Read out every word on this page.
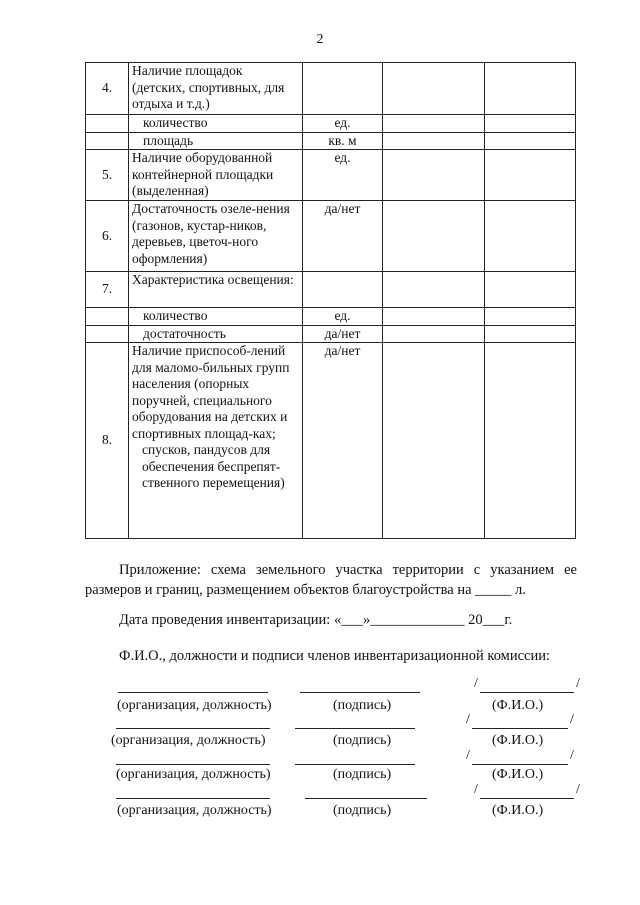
2
4.	Наличие площадок (детских, спортивных, для отдыха и т.д.)			
	количество	ед.		
	площадь	кв. м		
5.	Наличие оборудованной контейнерной площадки (выделенная)	ед.		
6.	Достаточность озеле-нения (газонов, кустар-ников, деревьев, цветоч-ного оформления)	да/нет		
7.	Характеристика освещения:			
	количество	ед.		
	достаточность	да/нет		
8.	Наличие приспособ-лений для маломо-бильных групп населения (опорных поручней, специального оборудования на детских и спортивных площад-ках;
спусков, пандусов для обеспечения беспрепят-ственного перемещения)	да/нет		
Приложение: схема земельного участка территории с указанием ее размеров и границ, размещением объектов благоустройства на _____ л.
Дата проведения инвентаризации: «___»_____________ 20___г.
Ф.И.О., должности и подписи членов инвентаризационной комиссии:
/	/
(организация, должность)	(подпись)	(Ф.И.О.)
/	/
(организация, должность)	(подпись)	(Ф.И.О.)
/	/
(организация, должность)	(подпись)	(Ф.И.О.)
/	/
(организация, должность)	(подпись)	(Ф.И.О.)
